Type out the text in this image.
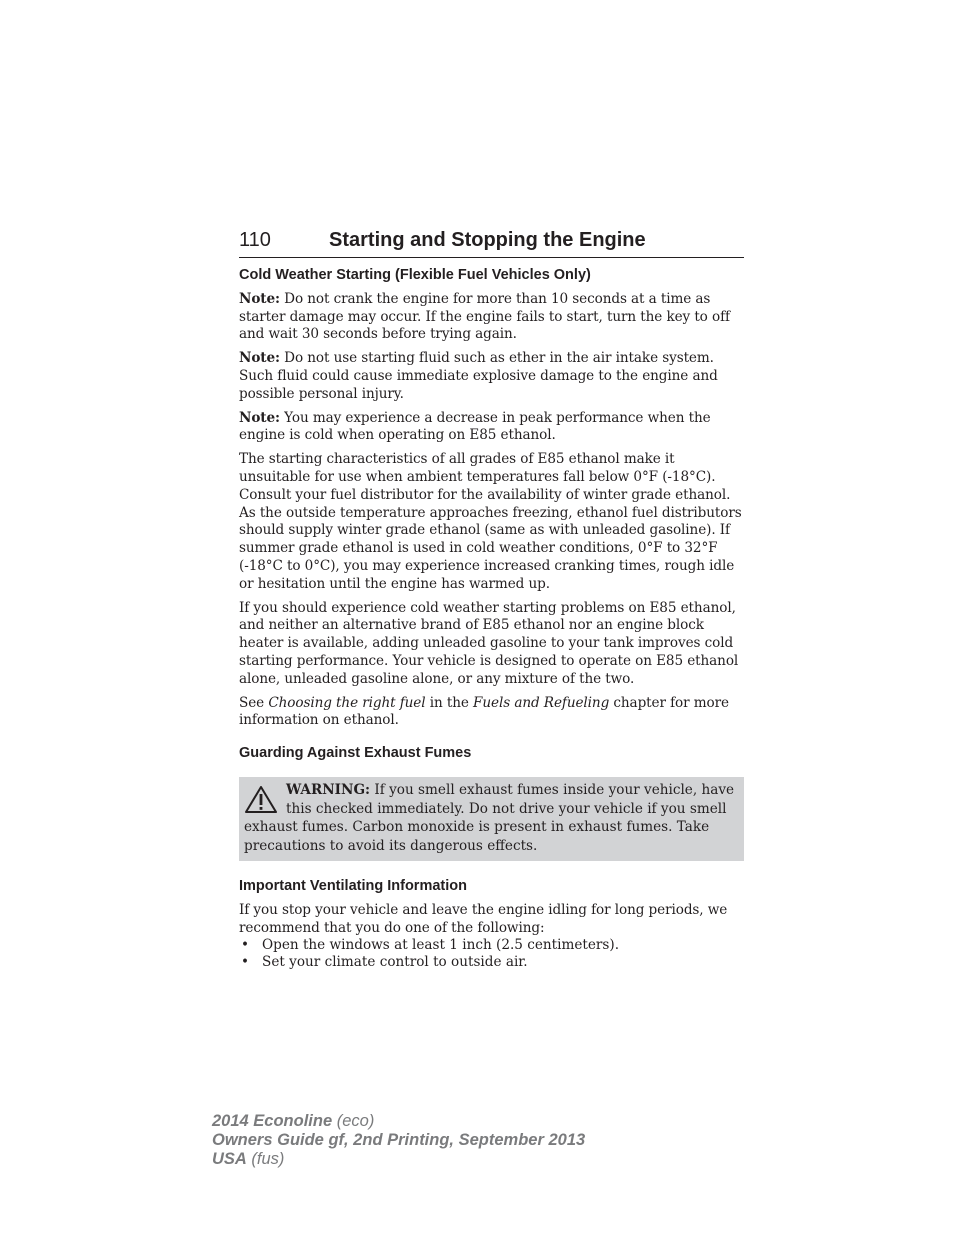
110	Starting and Stopping the Engine
Cold Weather Starting (Flexible Fuel Vehicles Only)

Note: Do not crank the engine for more than 10 seconds at a time as starter damage may occur. If the engine fails to start, turn the key to off and wait 30 seconds before trying again.

Note: Do not use starting fluid such as ether in the air intake system. Such fluid could cause immediate explosive damage to the engine and possible personal injury.

Note: You may experience a decrease in peak performance when the engine is cold when operating on E85 ethanol.

The starting characteristics of all grades of E85 ethanol make it unsuitable for use when ambient temperatures fall below 0°F (-18°C). Consult your fuel distributor for the availability of winter grade ethanol. As the outside temperature approaches freezing, ethanol fuel distributors should supply winter grade ethanol (same as with unleaded gasoline). If summer grade ethanol is used in cold weather conditions, 0°F to 32°F (-18°C to 0°C), you may experience increased cranking times, rough idle or hesitation until the engine has warmed up.

If you should experience cold weather starting problems on E85 ethanol, and neither an alternative brand of E85 ethanol nor an engine block heater is available, adding unleaded gasoline to your tank improves cold starting performance. Your vehicle is designed to operate on E85 ethanol alone, unleaded gasoline alone, or any mixture of the two.

See Choosing the right fuel in the Fuels and Refueling chapter for more information on ethanol.

Guarding Against Exhaust Fumes
WARNING: If you smell exhaust fumes inside your vehicle, have this checked immediately. Do not drive your vehicle if you smell exhaust fumes. Carbon monoxide is present in exhaust fumes. Take precautions to avoid its dangerous effects.
Important Ventilating Information

If you stop your vehicle and leave the engine idling for long periods, we recommend that you do one of the following:

• Open the windows at least 1 inch (2.5 centimeters).
• Set your climate control to outside air.
2014 Econoline (eco)
Owners Guide gf, 2nd Printing, September 2013
USA (fus)
